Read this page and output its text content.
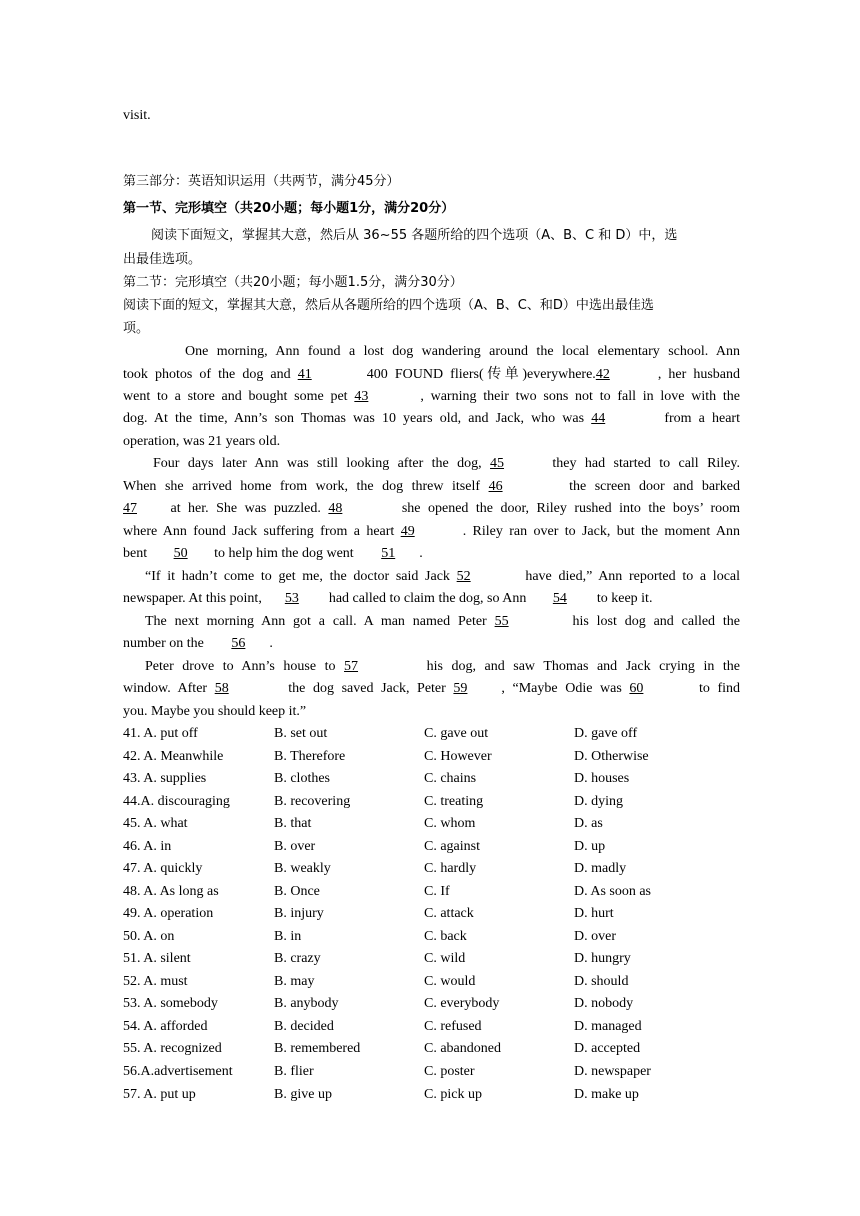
visit.
第三部分：英语知识运用（共两节，满分45分）
第一节、完形填空（共20小题；每小题1分，满分20分）
阅读下面短文，掌握其大意，然后从 36~55 各题所给的四个选项（A、B、C 和 D）中，选
出最佳选项。
第二节：完形填空（共20小题；每小题1.5分，满分30分）
阅读下面的短文，掌握其大意，然后从各题所给的四个选项（A、B、C、和D）中选出最佳选
项。
One morning, Ann found a lost dog wandering around the local elementary school. Ann
took photos of the dog and 41	400 FOUND fliers(传单)everywhere.42	, her husband
went to a store and bought some pet 43	, warning their two sons not to fall in love with the
dog. At the time, Ann’s son Thomas was 10 years old, and Jack, who was 44	from a heart
operation, was 21 years old.
Four days later Ann was still looking after the dog, 45	they had started to call Riley.
When she arrived home from work, the dog threw itself 46	the screen door and barked
47 at her. She was puzzled. 48	she opened the door, Riley rushed into the boys’ room
where Ann found Jack suffering from a heart 49	. Riley ran over to Jack, but the moment Ann
bent 50 to help him the dog went 51 .
“If it hadn’t come to get me, the doctor said Jack 52	have died,” Ann reported to a local
newspaper. At this point, 53 had called to claim the dog, so Ann 54 to keep it.
The next morning Ann got a call. A man named Peter 55	his lost dog and called the
number on the 56 .
Peter drove to Ann’s house to 57	his dog, and saw Thomas and Jack crying in the
window. After 58	the dog saved Jack, Peter 59 , “Maybe Odie was 60	to find
you. Maybe you should keep it.”
41. A. put off	B. set out	C. gave out	D. gave off
42. A. Meanwhile	B. Therefore	C. However	D. Otherwise
43. A. supplies	B. clothes	C. chains	D. houses
44.A. discouraging	B. recovering	C. treating	D. dying
45. A. what	B. that	C. whom	D. as
46. A. in	B. over	C. against	D. up
47. A. quickly	B. weakly	C. hardly	D. madly
48. A. As long as	B. Once	C. If	D. As soon as
49. A. operation	B. injury	C. attack	D. hurt
50. A. on	B. in	C. back	D. over
51. A. silent	B. crazy	C. wild	D. hungry
52. A. must	B. may	C. would	D. should
53. A. somebody	B. anybody	C. everybody	D. nobody
54. A. afforded	B. decided	C. refused	D. managed
55. A. recognized	B. remembered	C. abandoned	D. accepted
56.A.advertisement	B. flier	C. poster	D. newspaper
57. A. put up	B. give up	C. pick up	D. make up
